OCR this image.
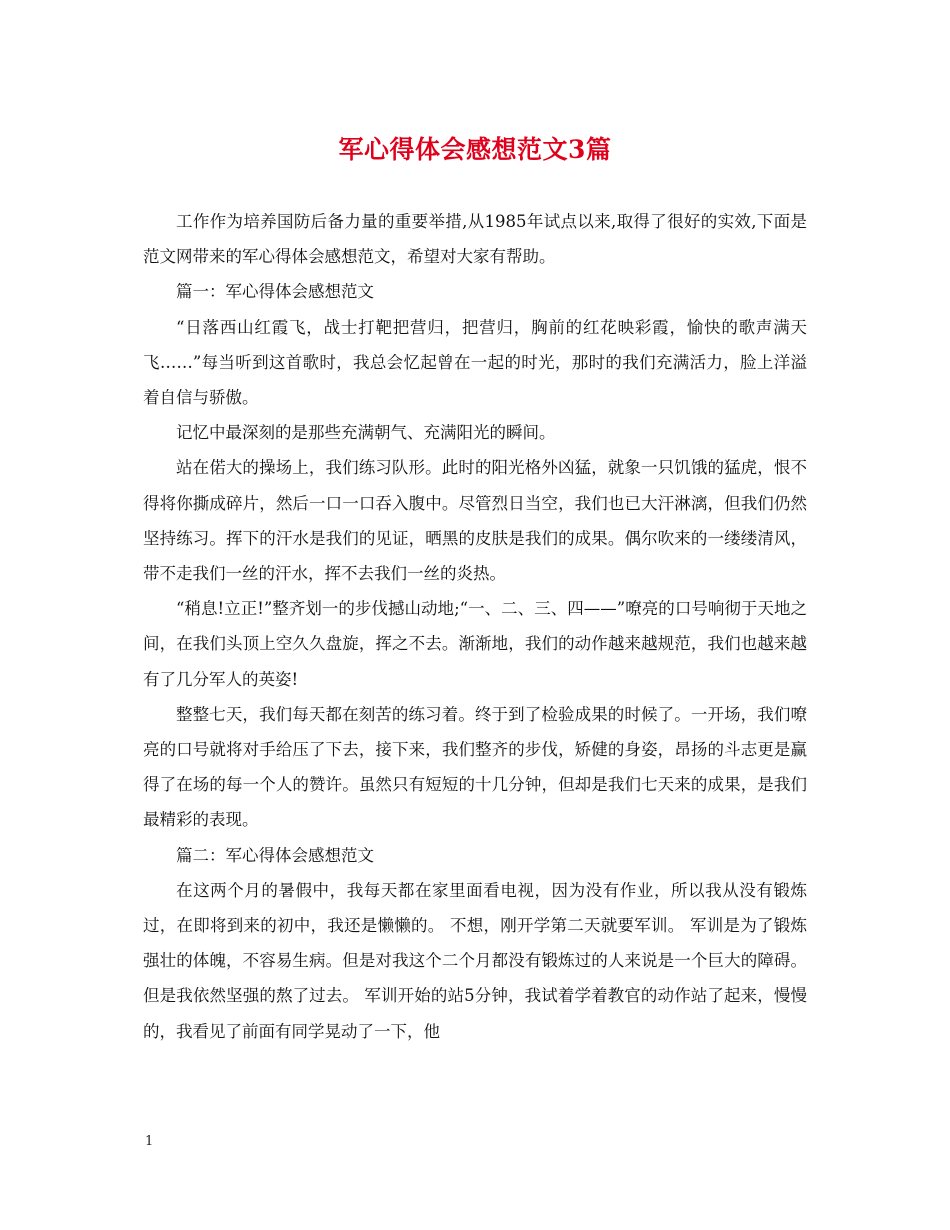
军心得体会感想范文3篇

工作作为培养国防后备力量的重要举措,从1985年试点以来,取得了很好的实效,下面是范文网带来的军心得体会感想范文，希望对大家有帮助。

篇一：军心得体会感想范文

“日落西山红霞飞，战士打靶把营归，把营归，胸前的红花映彩霞，愉快的歌声满天飞……”每当听到这首歌时，我总会忆起曾在一起的时光，那时的我们充满活力，脸上洋溢着自信与骄傲。

记忆中最深刻的是那些充满朝气、充满阳光的瞬间。

站在偌大的操场上，我们练习队形。此时的阳光格外凶猛，就象一只饥饿的猛虎，恨不得将你撕成碎片，然后一口一口吞入腹中。尽管烈日当空，我们也已大汗淋漓，但我们仍然坚持练习。挥下的汗水是我们的见证，晒黑的皮肤是我们的成果。偶尔吹来的一缕缕清风，带不走我们一丝的汗水，挥不去我们一丝的炎热。

“稍息!立正!”整齐划一的步伐撼山动地;“一、二、三、四——”嘹亮的口号响彻于天地之间，在我们头顶上空久久盘旋，挥之不去。渐渐地，我们的动作越来越规范，我们也越来越有了几分军人的英姿!

整整七天，我们每天都在刻苦的练习着。终于到了检验成果的时候了。一开场，我们嘹亮的口号就将对手给压了下去，接下来，我们整齐的步伐，矫健的身姿，昂扬的斗志更是赢得了在场的每一个人的赞许。虽然只有短短的十几分钟，但却是我们七天来的成果，是我们最精彩的表现。

篇二：军心得体会感想范文

在这两个月的暑假中，我每天都在家里面看电视，因为没有作业，所以我从没有锻炼过，在即将到来的初中，我还是懒懒的。 不想，刚开学第二天就要军训。 军训是为了锻炼强壮的体魄，不容易生病。但是对我这个二个月都没有锻炼过的人来说是一个巨大的障碍。但是我依然坚强的熬了过去。 军训开始的站5分钟，我试着学着教官的动作站了起来，慢慢的，我看见了前面有同学晃动了一下，他

1
